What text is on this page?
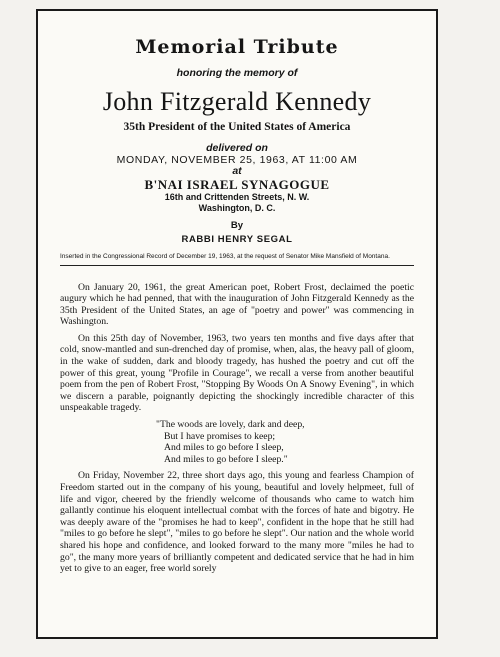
Memorial Tribute
honoring the memory of
John Fitzgerald Kennedy
35th President of the United States of America
delivered on
MONDAY, NOVEMBER 25, 1963, AT 11:00 AM
at
B'NAI ISRAEL SYNAGOGUE
16th and Crittenden Streets, N. W.
Washington, D. C.
By
RABBI HENRY SEGAL
Inserted in the Congressional Record of December 19, 1963, at the request of Senator Mike Mansfield of Montana.

On January 20, 1961, the great American poet, Robert Frost, declaimed the poetic augury which he had penned, that with the inauguration of John Fitzgerald Kennedy as the 35th President of the United States, an age of "poetry and power" was commencing in Washington.

On this 25th day of November, 1963, two years ten months and five days after that cold, snow-mantled and sun-drenched day of promise, when, alas, the heavy pall of gloom, in the wake of sudden, dark and bloody tragedy, has hushed the poetry and cut off the power of this great, young "Profile in Courage", we recall a verse from another beautiful poem from the pen of Robert Frost, "Stopping By Woods On A Snowy Evening", in which we discern a parable, poignantly depicting the shockingly incredible character of this unspeakable tragedy.

"The woods are lovely, dark and deep,
But I have promises to keep;
And miles to go before I sleep,
And miles to go before I sleep."

On Friday, November 22, three short days ago, this young and fearless Champion of Freedom started out in the company of his young, beautiful and lovely helpmeet, full of life and vigor, cheered by the friendly welcome of thousands who came to watch him gallantly continue his eloquent intellectual combat with the forces of hate and bigotry. He was deeply aware of the "promises he had to keep", confident in the hope that he still had "miles to go before he slept", "miles to go before he slept". Our nation and the whole world shared his hope and confidence, and looked forward to the many more "miles he had to go", the many more years of brilliantly competent and dedicated service that he had in him yet to give to an eager, free world sorely
